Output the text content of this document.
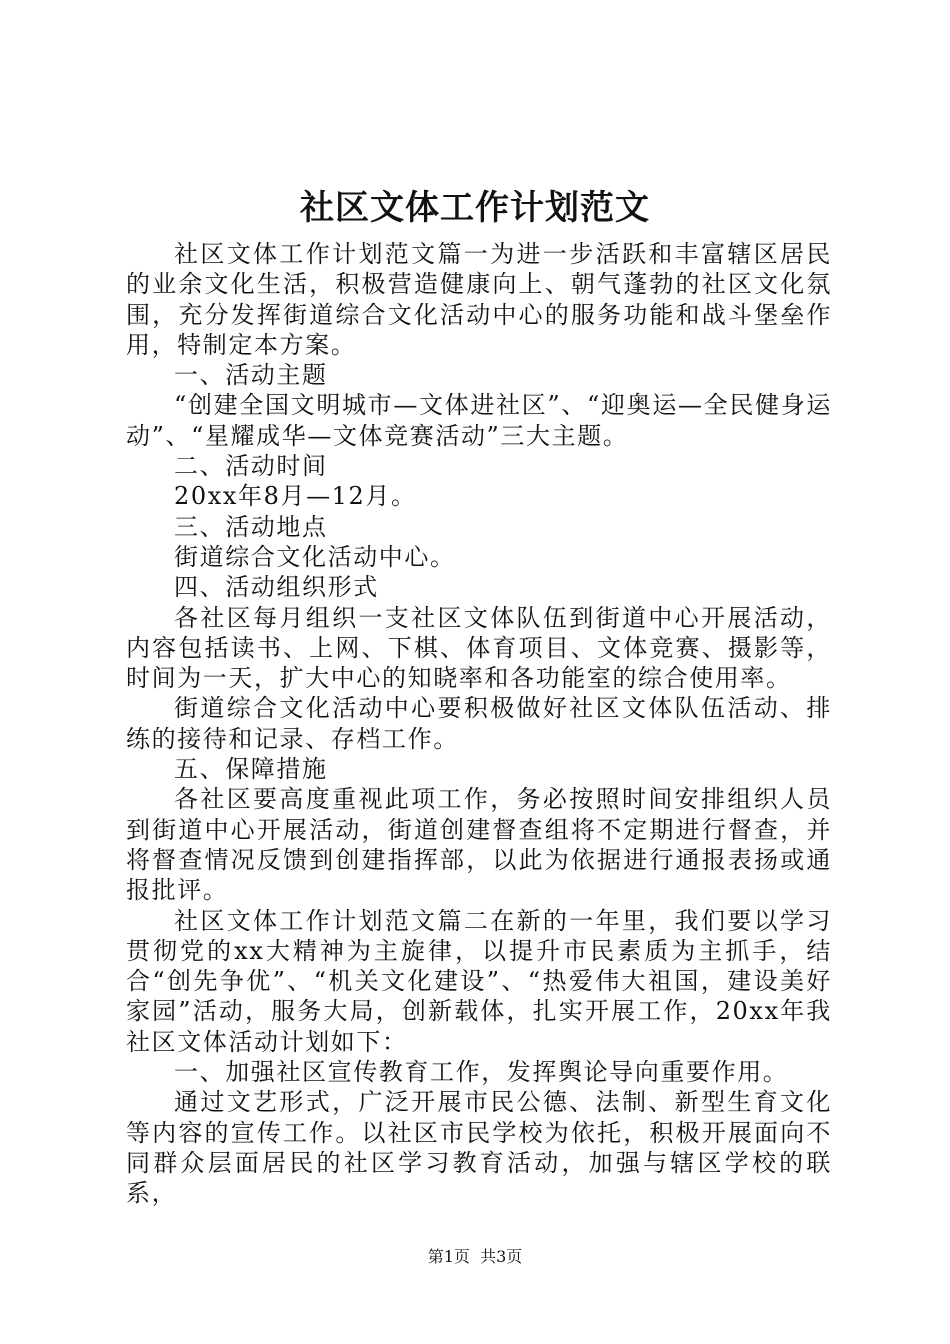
社区文体工作计划范文

社区文体工作计划范文篇一为进一步活跃和丰富辖区居民的业余文化生活，积极营造健康向上、朝气蓬勃的社区文化氛围，充分发挥街道综合文化活动中心的服务功能和战斗堡垒作用，特制定本方案。

一、活动主题

“创建全国文明城市—文体进社区”、“迎奥运—全民健身运动”、“星耀成华—文体竞赛活动”三大主题。

二、活动时间

20xx年8月—12月。

三、活动地点

街道综合文化活动中心。

四、活动组织形式

各社区每月组织一支社区文体队伍到街道中心开展活动，内容包括读书、上网、下棋、体育项目、文体竞赛、摄影等，时间为一天，扩大中心的知晓率和各功能室的综合使用率。

街道综合文化活动中心要积极做好社区文体队伍活动、排练的接待和记录、存档工作。

五、保障措施

各社区要高度重视此项工作，务必按照时间安排组织人员到街道中心开展活动，街道创建督查组将不定期进行督查，并将督查情况反馈到创建指挥部，以此为依据进行通报表扬或通报批评。

社区文体工作计划范文篇二在新的一年里，我们要以学习贯彻党的xx大精神为主旋律，以提升市民素质为主抓手，结合“创先争优”、“机关文化建设”、“热爱伟大祖国，建设美好家园”活动，服务大局，创新载体，扎实开展工作，20xx年我社区文体活动计划如下：

一、加强社区宣传教育工作，发挥舆论导向重要作用。

通过文艺形式，广泛开展市民公德、法制、新型生育文化等内容的宣传工作。以社区市民学校为依托，积极开展面向不同群众层面居民的社区学习教育活动，加强与辖区学校的联系，

第1页  共3页
